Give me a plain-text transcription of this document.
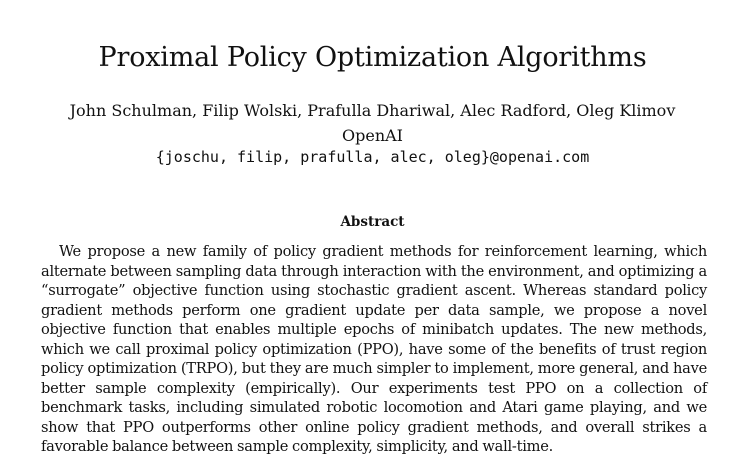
Proximal Policy Optimization Algorithms
John Schulman, Filip Wolski, Prafulla Dhariwal, Alec Radford, Oleg Klimov
OpenAI
{joschu, filip, prafulla, alec, oleg}@openai.com
Abstract

We propose a new family of policy gradient methods for reinforcement learning, which alternate between sampling data through interaction with the environment, and optimizing a “surrogate” objective function using stochastic gradient ascent. Whereas standard policy gradient methods perform one gradient update per data sample, we propose a novel objective function that enables multiple epochs of minibatch updates. The new methods, which we call proximal policy optimization (PPO), have some of the benefits of trust region policy optimization (TRPO), but they are much simpler to implement, more general, and have better sample complexity (empirically). Our experiments test PPO on a collection of benchmark tasks, including simulated robotic locomotion and Atari game playing, and we show that PPO outperforms other online policy gradient methods, and overall strikes a favorable balance between sample complexity, simplicity, and wall-time.
